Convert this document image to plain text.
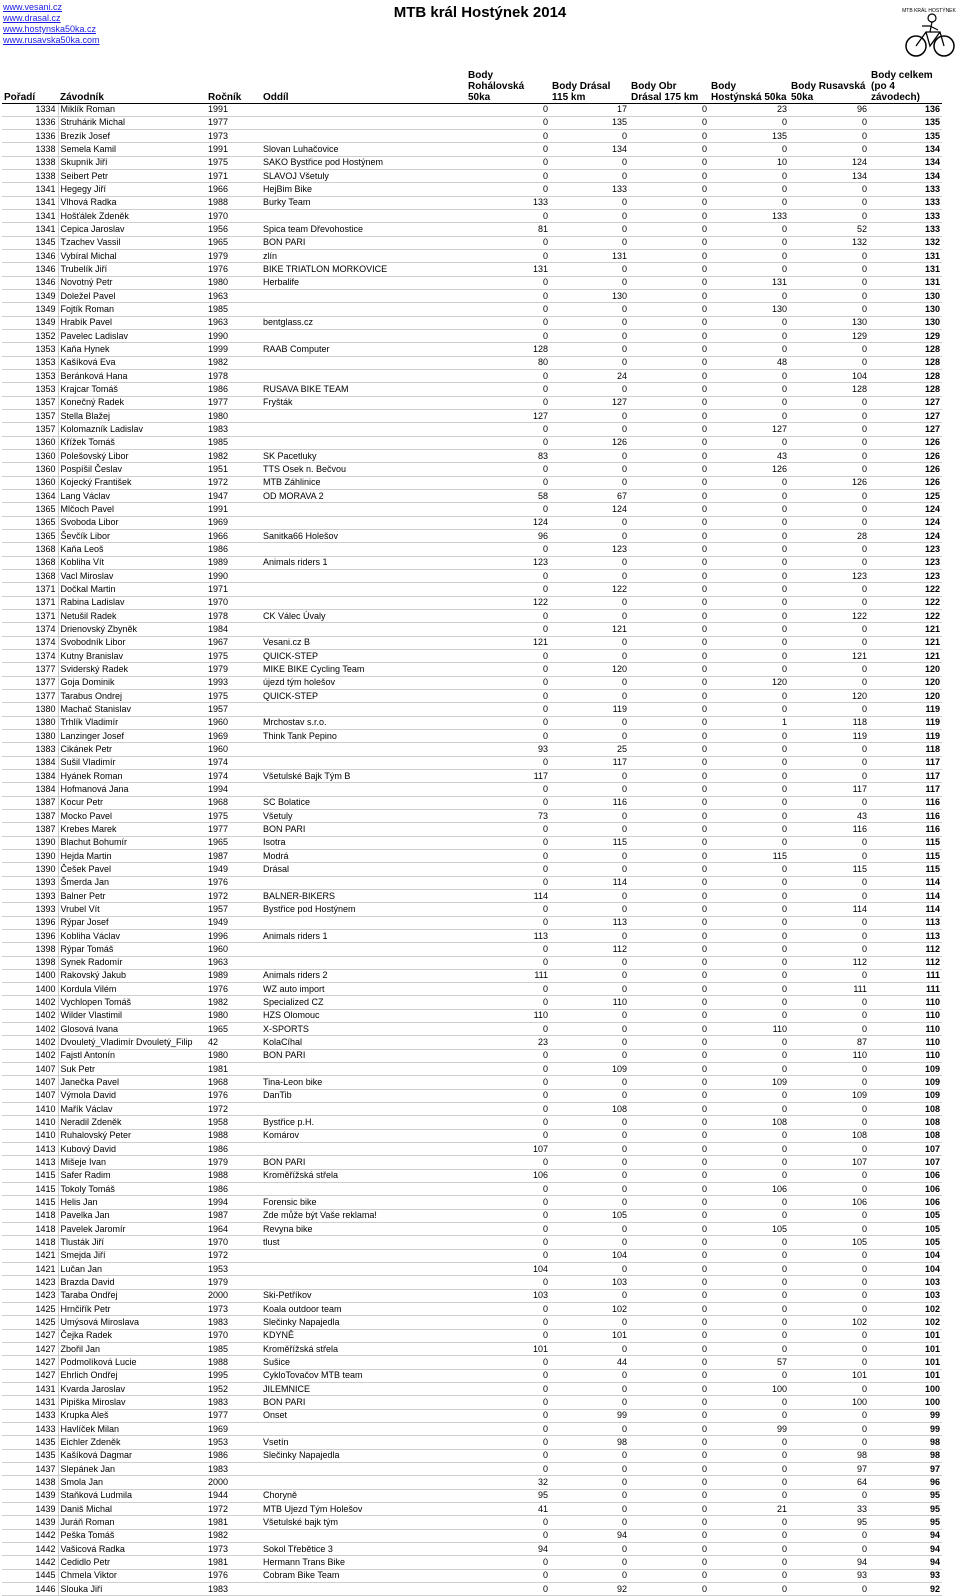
www.vesani.cz
www.drasal.cz
www.hostynska50ka.cz
www.rusavska50ka.com
MTB král Hostýnek 2014	MTB KRÁL HOSTÝNEK
Pořadí	Závodník	Ročník	Oddíl	Body Rohálovská 50ka	Body Drásal 115 km	Body Obr Drásal 175 km	Body Hostýnská 50ka	Body Rusavská 50ka	Body celkem (po 4 závodech)
1334	Miklík Roman	1991		0	17	0	23	96	136
1336	Struhárik Michal	1977		0	135	0	0	0	135
1336	Brezík Josef	1973		0	0	0	135	0	135
1338	Semela Kamil	1991	Slovan Luhačovice	0	134	0	0	0	134
1338	Skupník Jiří	1975	SAKO Bystřice pod Hostýnem	0	0	0	10	124	134
1338	Seibert Petr	1971	SLAVOJ Všetuly	0	0	0	0	134	134
1341	Hegegy Jiří	1966	HejBim Bike	0	133	0	0	0	133
1341	Vlhová Radka	1988	Burky Team	133	0	0	0	0	133
1341	Hošťálek Zdeněk	1970		0	0	0	133	0	133
1341	Cepica Jaroslav	1956	Spica team Dřevohostice	81	0	0	0	52	133
1345	Tzachev Vassil	1965	BON PARI	0	0	0	0	132	132
1346	Vybíral Michal	1979	zlín	0	131	0	0	0	131
1346	Trubelík Jiří	1976	BIKE TRIATLON MORKOVICE	131	0	0	0	0	131
1346	Novotný Petr	1980	Herbalife	0	0	0	131	0	131
1349	Doležel Pavel	1963		0	130	0	0	0	130
1349	Fojtík Roman	1985		0	0	0	130	0	130
1349	Hrabík Pavel	1963	bentglass.cz	0	0	0	0	130	130
1352	Pavelec Ladislav	1990		0	0	0	0	129	129
1353	Kaňa Hynek	1999	RAAB Computer	128	0	0	0	0	128
1353	Kašíková Eva	1982		80	0	0	48	0	128
1353	Beránková Hana	1978		0	24	0	0	104	128
1353	Krajcar Tomáš	1986	RUSAVA BIKE TEAM	0	0	0	0	128	128
1357	Konečný Radek	1977	Fryšták	0	127	0	0	0	127
1357	Stella Blažej	1980		127	0	0	0	0	127
1357	Kolomazník Ladislav	1983		0	0	0	127	0	127
1360	Křížek Tomáš	1985		0	126	0	0	0	126
1360	Polešovský Libor	1982	SK Pacetluky	83	0	0	43	0	126
1360	Pospíšil Česlav	1951	TTS Osek n. Bečvou	0	0	0	126	0	126
1360	Kojecký František	1972	MTB Záhlinice	0	0	0	0	126	126
1364	Lang Václav	1947	OD MORAVA 2	58	67	0	0	0	125
1365	Mlčoch Pavel	1991		0	124	0	0	0	124
1365	Svoboda Libor	1969		124	0	0	0	0	124
1365	Ševčík Libor	1966	Sanitka66 Holešov	96	0	0	0	28	124
1368	Kaňa Leoš	1986		0	123	0	0	0	123
1368	Kobliha Vít	1989	Animals riders 1	123	0	0	0	0	123
1368	Vacl Miroslav	1990		0	0	0	0	123	123
1371	Dočkal Martin	1971		0	122	0	0	0	122
1371	Rabina Ladislav	1970		122	0	0	0	0	122
1371	Netušil Radek	1978	CK Válec Úvaly	0	0	0	0	122	122
1374	Drienovský Zbyněk	1984		0	121	0	0	0	121
1374	Svobodník Libor	1967	Vesani.cz B	121	0	0	0	0	121
1374	Kutny Branislav	1975	QUICK-STEP	0	0	0	0	121	121
1377	Sviderský Radek	1979	MIKE BIKE Cycling Team	0	120	0	0	0	120
1377	Goja Dominik	1993	újezd tým holešov	0	0	0	120	0	120
1377	Tarabus Ondrej	1975	QUICK-STEP	0	0	0	0	120	120
1380	Machač Stanislav	1957		0	119	0	0	0	119
1380	Trhlík Vladimír	1960	Mrchostav s.r.o.	0	0	0	1	118	119
1380	Lanzinger Josef	1969	Think Tank Pepino	0	0	0	0	119	119
1383	Cikánek Petr	1960		93	25	0	0	0	118
1384	Sušil Vladimír	1974		0	117	0	0	0	117
1384	Hyánek Roman	1974	Všetulské Bajk Tým B	117	0	0	0	0	117
1384	Hofmanová Jana	1994		0	0	0	0	117	117
1387	Kocur Petr	1968	SC Bolatice	0	116	0	0	0	116
1387	Mocko Pavel	1975	Všetuly	73	0	0	0	43	116
1387	Krebes Marek	1977	BON PARI	0	0	0	0	116	116
1390	Blachut Bohumír	1965	Isotra	0	115	0	0	0	115
1390	Hejda Martin	1987	Modrá	0	0	0	115	0	115
1390	Češek Pavel	1949	Drásal	0	0	0	0	115	115
1393	Šmerda Jan	1976		0	114	0	0	0	114
1393	Balner Petr	1972	BALNER-BIKERS	114	0	0	0	0	114
1393	Vrubel Vít	1957	Bystřice pod Hostýnem	0	0	0	0	114	114
1396	Rýpar Josef	1949		0	113	0	0	0	113
1396	Kobliha Václav	1996	Animals riders 1	113	0	0	0	0	113
1398	Rýpar Tomáš	1960		0	112	0	0	0	112
1398	Synek Radomír	1963		0	0	0	0	112	112
1400	Rakovský Jakub	1989	Animals riders 2	111	0	0	0	0	111
1400	Kordula Vilém	1976	WZ auto import	0	0	0	0	111	111
1402	Vychlopen Tomáš	1982	Specialized CZ	0	110	0	0	0	110
1402	Wilder Vlastimil	1980	HZS Olomouc	110	0	0	0	0	110
1402	Glosová Ivana	1965	X-SPORTS	0	0	0	110	0	110
1402	Dvouletý_Vladimír Dvouletý_Filip	42	KolaCíhal	23	0	0	0	87	110
1402	Fajstl Antonín	1980	BON PARI	0	0	0	0	110	110
1407	Suk Petr	1981		0	109	0	0	0	109
1407	Janečka Pavel	1968	Tina-Leon bike	0	0	0	109	0	109
1407	Výmola David	1976	DanTib	0	0	0	0	109	109
1410	Mařík Václav	1972		0	108	0	0	0	108
1410	Neradil Zdeněk	1958	Bystřice p.H.	0	0	0	108	0	108
1410	Ruhalovský Peter	1988	Komárov	0	0	0	0	108	108
1413	Kubový David	1986		107	0	0	0	0	107
1413	Mišeje Ivan	1979	BON PARI	0	0	0	0	107	107
1415	Safer Radim	1988	Kroměřížská střela	106	0	0	0	0	106
1415	Tokoly Tomáš	1986		0	0	0	106	0	106
1415	Helis Jan	1994	Forensic bike	0	0	0	0	106	106
1418	Pavelka Jan	1987	Zde může být Vaše reklama!	0	105	0	0	0	105
1418	Pavelek Jaromír	1964	Revyna bike	0	0	0	105	0	105
1418	Tlusták Jiří	1970	tlust	0	0	0	0	105	105
1421	Smejda Jiří	1972		0	104	0	0	0	104
1421	Lučan Jan	1953		104	0	0	0	0	104
1423	Brazda David	1979		0	103	0	0	0	103
1423	Taraba Ondřej	2000	Ski-Petříkov	103	0	0	0	0	103
1425	Hrnčiřík Petr	1973	Koala outdoor team	0	102	0	0	0	102
1425	Umýsová Miroslava	1983	Slečinky Napajedla	0	0	0	0	102	102
1427	Čejka Radek	1970	KDYNĚ	0	101	0	0	0	101
1427	Zbořil Jan	1985	Kroměřížská střela	101	0	0	0	0	101
1427	Podmolíková Lucie	1988	Sušice	0	44	0	57	0	101
1427	Ehrlich Ondřej	1995	CykloTovačov MTB team	0	0	0	0	101	101
1431	Kvarda Jaroslav	1952	JILEMNICE	0	0	0	100	0	100
1431	Pipiška Miroslav	1983	BON PARI	0	0	0	0	100	100
1433	Krupka Aleš	1977	Onset	0	99	0	0	0	99
1433	Havlíček Milan	1969		0	0	0	99	0	99
1435	Eichler Zdeněk	1953	Vsetín	0	98	0	0	0	98
1435	Kašíková Dagmar	1986	Slečinky Napajedla	0	0	0	0	98	98
1437	Slepánek Jan	1983		0	0	0	0	97	97
1438	Smola Jan	2000		32	0	0	0	64	96
1439	Staňková Ludmila	1944	Choryně	95	0	0	0	0	95
1439	Daniš Michal	1972	MTB Ujezd Tým Holešov	41	0	0	21	33	95
1439	Juráň Roman	1981	Všetulské bajk tým	0	0	0	0	95	95
1442	Peška Tomáš	1982		0	94	0	0	0	94
1442	Vašicová Radka	1973	Sokol Třebětice 3	94	0	0	0	0	94
1442	Cedidlo Petr	1981	Hermann Trans Bike	0	0	0	0	94	94
1445	Chmela Viktor	1976	Cobram Bike Team	0	0	0	0	93	93
1446	Slouka Jiří	1983		0	92	0	0	0	92
